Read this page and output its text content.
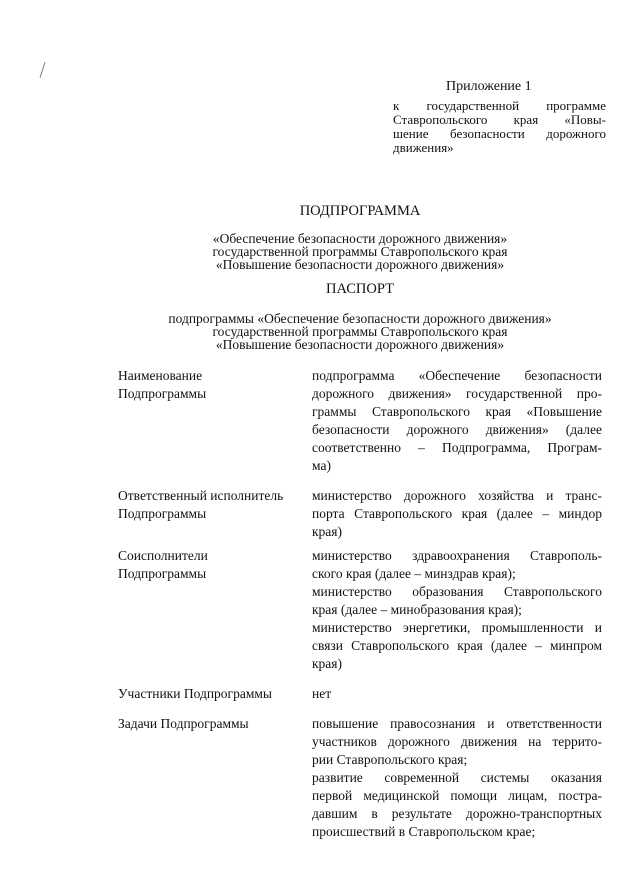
Приложение 1
к государственной программе
Ставропольского края «Повы-
шение безопасности дорожного
движения»
ПОДПРОГРАММА
«Обеспечение безопасности дорожного движения»
государственной программы Ставропольского края
«Повышение безопасности дорожного движения»
ПАСПОРТ
подпрограммы «Обеспечение безопасности дорожного движения»
государственной программы Ставропольского края
«Повышение безопасности дорожного движения»
Наименование
Подпрограммы
подпрограмма «Обеспечение безопасности
дорожного движения» государственной про-
граммы Ставропольского края «Повышение
безопасности дорожного движения» (далее
соответственно – Подпрограмма, Програм-
ма)
Ответственный исполнитель
Подпрограммы
министерство дорожного хозяйства и транс-
порта Ставропольского края (далее – миндор
края)
Соисполнители
Подпрограммы
министерство здравоохранения Ставрополь-
ского края (далее – минздрав края);
министерство образования Ставропольского
края (далее – минобразования края);
министерство энергетики, промышленности и
связи Ставропольского края (далее – минпром
края)
Участники Подпрограммы	нет
Задачи Подпрограммы	повышение правосознания и ответственности
участников дорожного движения на террито-
рии Ставропольского края;
развитие современной системы оказания
первой медицинской помощи лицам, постра-
давшим в результате дорожно-транспортных
происшествий в Ставропольском крае;
